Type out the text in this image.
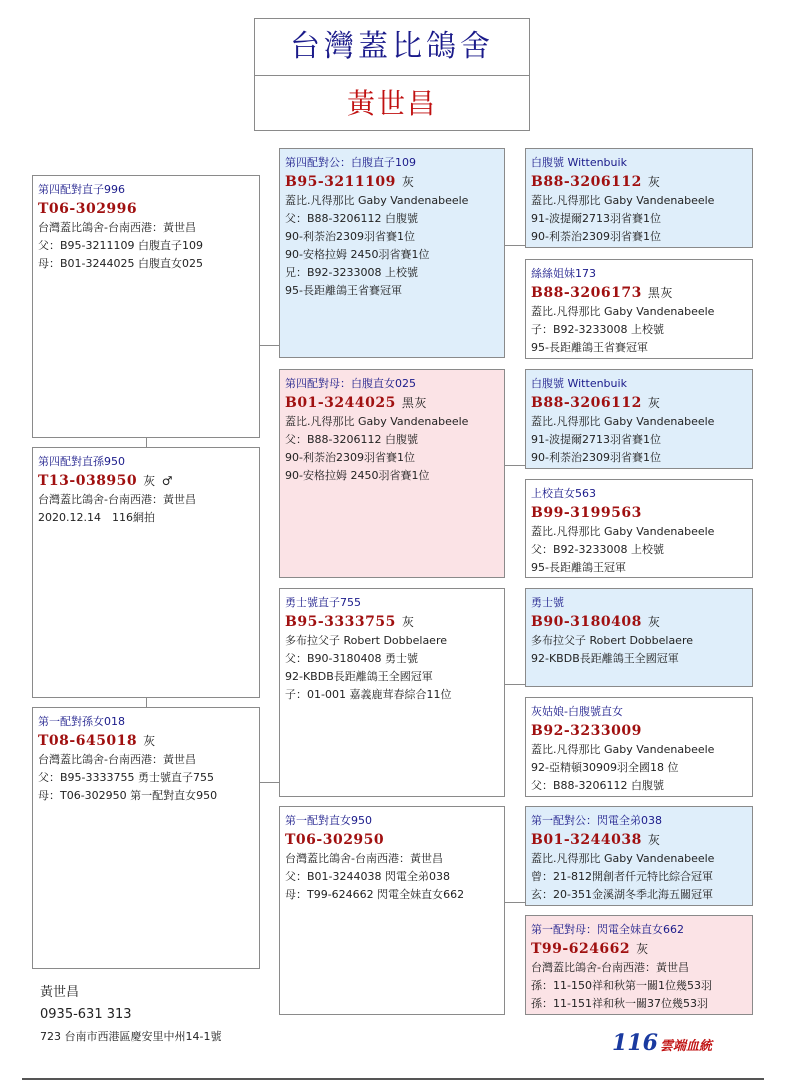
台灣蓋比鴿舍
黃世昌
第四配對直子996
T06-302996
台灣蓋比鴿舍-台南西港：黃世昌
父：B95-3211109 白腹直子109
母：B01-3244025 白腹直女025
第四配對直孫950
T13-038950 灰 ♂
台灣蓋比鴿舍-台南西港：黃世昌
2020.12.14　116網拍
第一配對孫女018
T08-645018 灰
台灣蓋比鴿舍-台南西港：黃世昌
父：B95-3333755 勇士號直子755
母：T06-302950 第一配對直女950
第四配對公：白腹直子109
B95-3211109 灰
蓋比.凡得那比 Gaby Vandenabeele
父：B88-3206112 白腹號
90-利荼治2309羽省賽1位
90-安格拉姆 2450羽省賽1位
兄：B92-3233008 上校號
95-長距離鴿王省賽冠軍
第四配對母：白腹直女025
B01-3244025 黑灰
蓋比.凡得那比 Gaby Vandenabeele
父：B88-3206112 白腹號
90-利荼治2309羽省賽1位
90-安格拉姆 2450羽省賽1位
勇士號直子755
B95-3333755 灰
多布拉父子 Robert Dobbelaere
父：B90-3180408 勇士號
92-KBDB長距離鴿王全國冠軍
子：01-001 嘉義鹿茸春綜合11位
第一配對直女950
T06-302950
台灣蓋比鴿舍-台南西港：黃世昌
父：B01-3244038 閃電全弟038
母：T99-624662 閃電全妹直女662
白腹號 Wittenbuik
B88-3206112 灰
蓋比.凡得那比 Gaby Vandenabeele
91-波提爾2713羽省賽1位
90-利荼治2309羽省賽1位
絲絲姐妹173
B88-3206173 黑灰
蓋比.凡得那比 Gaby Vandenabeele
子：B92-3233008 上校號
95-長距離鴿王省賽冠軍
白腹號 Wittenbuik
B88-3206112 灰
蓋比.凡得那比 Gaby Vandenabeele
91-波提爾2713羽省賽1位
90-利荼治2309羽省賽1位
上校直女563
B99-3199563
蓋比.凡得那比 Gaby Vandenabeele
父：B92-3233008 上校號
95-長距離鴿王冠軍
勇士號
B90-3180408 灰
多布拉父子 Robert Dobbelaere
92-KBDB長距離鴿王全國冠軍
灰姑娘-白腹號直女
B92-3233009
蓋比.凡得那比 Gaby Vandenabeele
92-亞精頓30909羽全國18 位
父：B88-3206112 白腹號
第一配對公：閃電全弟038
B01-3244038 灰
蓋比.凡得那比 Gaby Vandenabeele
曾：21-812開創者仟元特比綜合冠軍
玄：20-351金溪湖冬季北海五關冠軍
第一配對母：閃電全妹直女662
T99-624662 灰
台灣蓋比鴿舍-台南西港：黃世昌
孫：11-150祥和秋第一關1位幾53羽
孫：11-151祥和秋一關37位幾53羽
黃世昌
0935-631 313
723 台南市西港區慶安里中州14-1號	116 雲端血統
